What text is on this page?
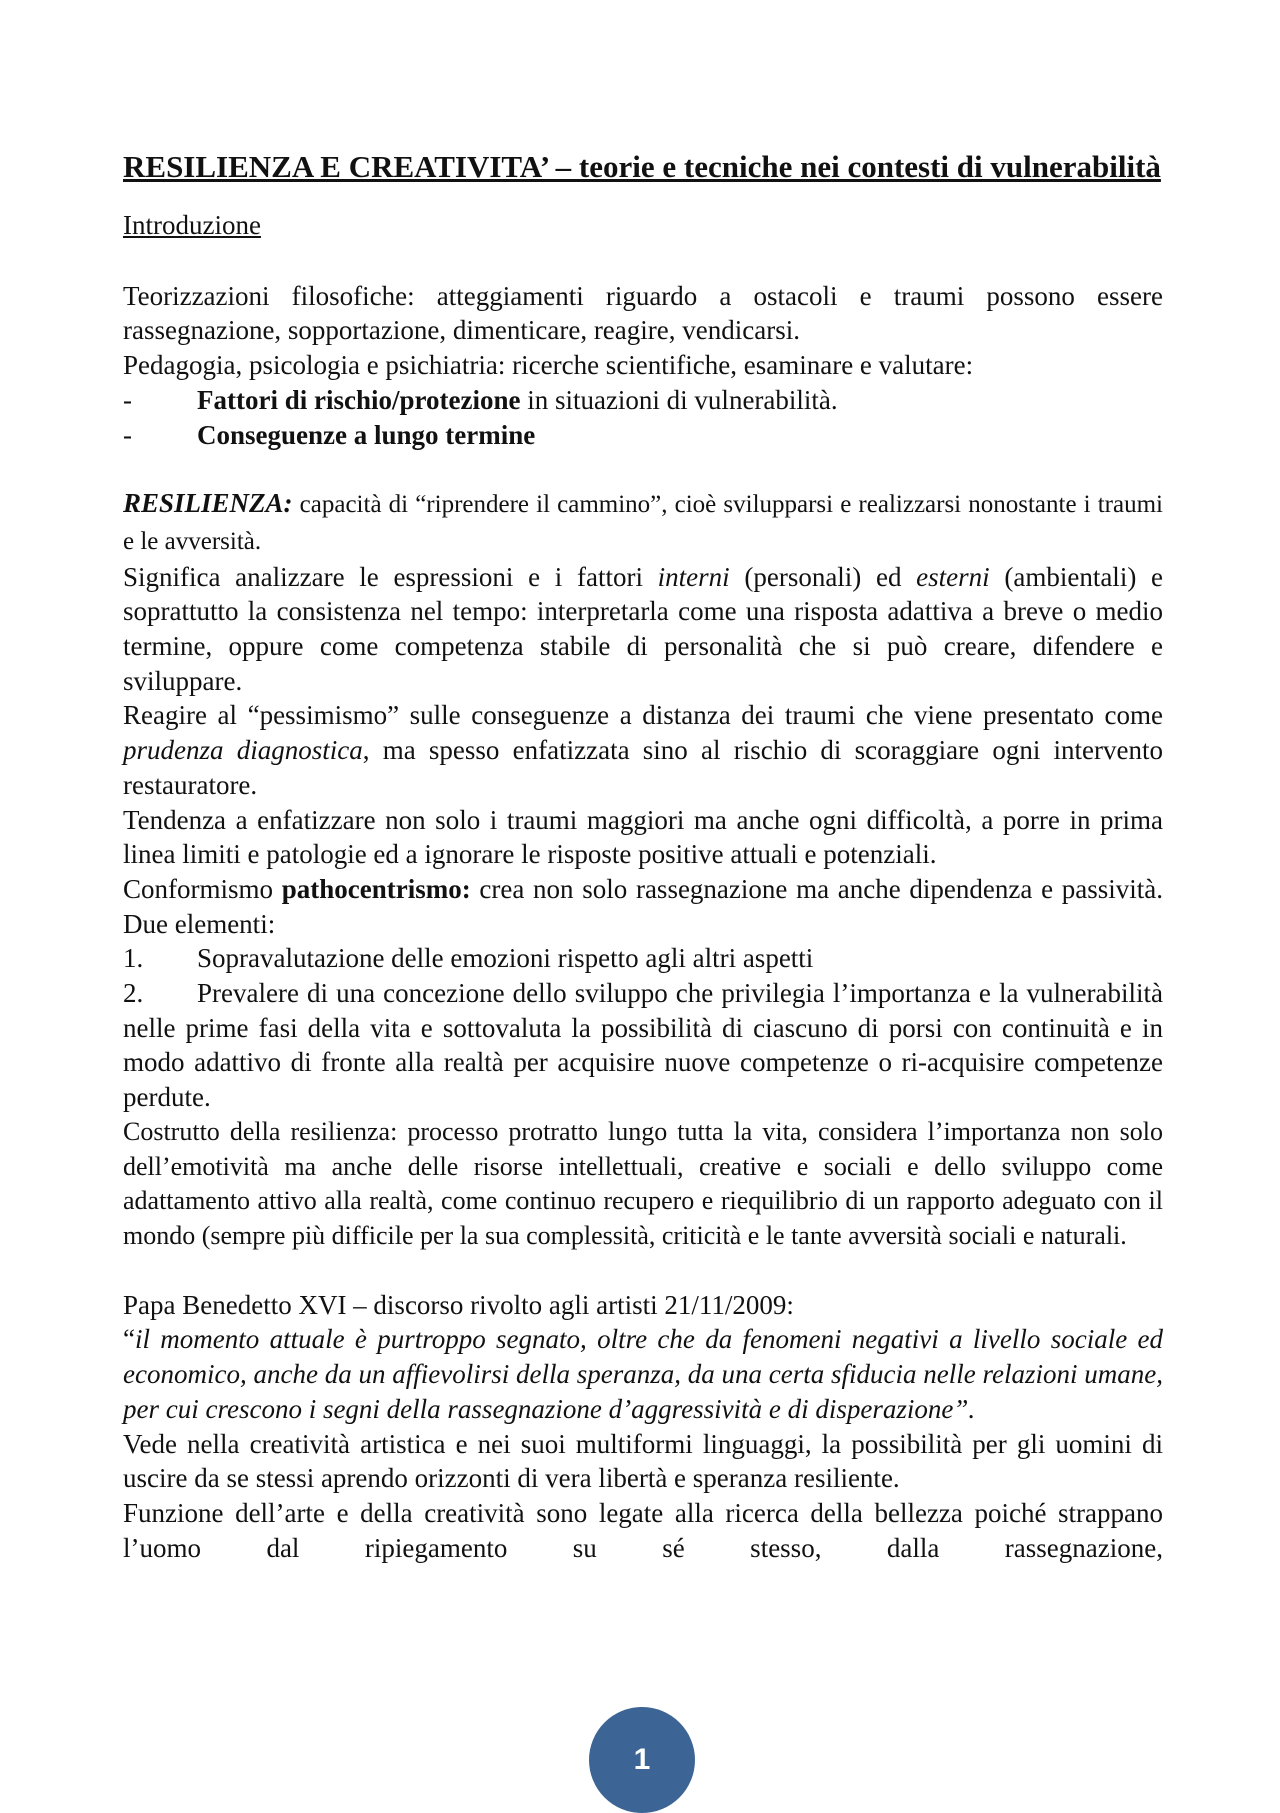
RESILIENZA E CREATIVITA’ – teorie e tecniche nei contesti di vulnerabilità
Introduzione

Teorizzazioni filosofiche: atteggiamenti riguardo a ostacoli e traumi possono essere rassegnazione, sopportazione, dimenticare, reagire, vendicarsi.

Pedagogia, psicologia e psichiatria: ricerche scientifiche, esaminare e valutare:

-	Fattori di rischio/protezione in situazioni di vulnerabilità.
-	Conseguenze a lungo termine

RESILIENZA: capacità di “riprendere il cammino”, cioè svilupparsi e realizzarsi nonostante i traumi e le avversità.

Significa analizzare le espressioni e i fattori interni (personali) ed esterni (ambientali) e soprattutto la consistenza nel tempo: interpretarla come una risposta adattiva a breve o medio termine, oppure come competenza stabile di personalità che si può creare, difendere e sviluppare.

Reagire al “pessimismo” sulle conseguenze a distanza dei traumi che viene presentato come prudenza diagnostica, ma spesso enfatizzata sino al rischio di scoraggiare ogni intervento restauratore.

Tendenza a enfatizzare non solo i traumi maggiori ma anche ogni difficoltà, a porre in prima linea limiti e patologie ed a ignorare le risposte positive attuali e potenziali.

Conformismo pathocentrismo: crea non solo rassegnazione ma anche dipendenza e passività. Due elementi:

1.	Sopravalutazione delle emozioni rispetto agli altri aspetti

2. Prevalere di una concezione dello sviluppo che privilegia l’importanza e la vulnerabilità nelle prime fasi della vita e sottovaluta la possibilità di ciascuno di porsi con continuità e in modo adattivo di fronte alla realtà per acquisire nuove competenze o ri-acquisire competenze perdute.

Costrutto della resilienza: processo protratto lungo tutta la vita, considera l’importanza non solo dell’emotività ma anche delle risorse intellettuali, creative e sociali e dello sviluppo come adattamento attivo alla realtà, come continuo recupero e riequilibrio di un rapporto adeguato con il mondo (sempre più difficile per la sua complessità, criticità e le tante avversità sociali e naturali.

Papa Benedetto XVI – discorso rivolto agli artisti 21/11/2009:

“il momento attuale è purtroppo segnato, oltre che da fenomeni negativi a livello sociale ed economico, anche da un affievolirsi della speranza, da una certa sfiducia nelle relazioni umane, per cui crescono i segni della rassegnazione d’aggressività e di disperazione”.

Vede nella creatività artistica e nei suoi multiformi linguaggi, la possibilità per gli uomini di uscire da se stessi aprendo orizzonti di vera libertà e speranza resiliente.

Funzione dell’arte e della creatività sono legate alla ricerca della bellezza poiché strappano l’uomo dal ripiegamento su sé stesso, dalla rassegnazione,

1
